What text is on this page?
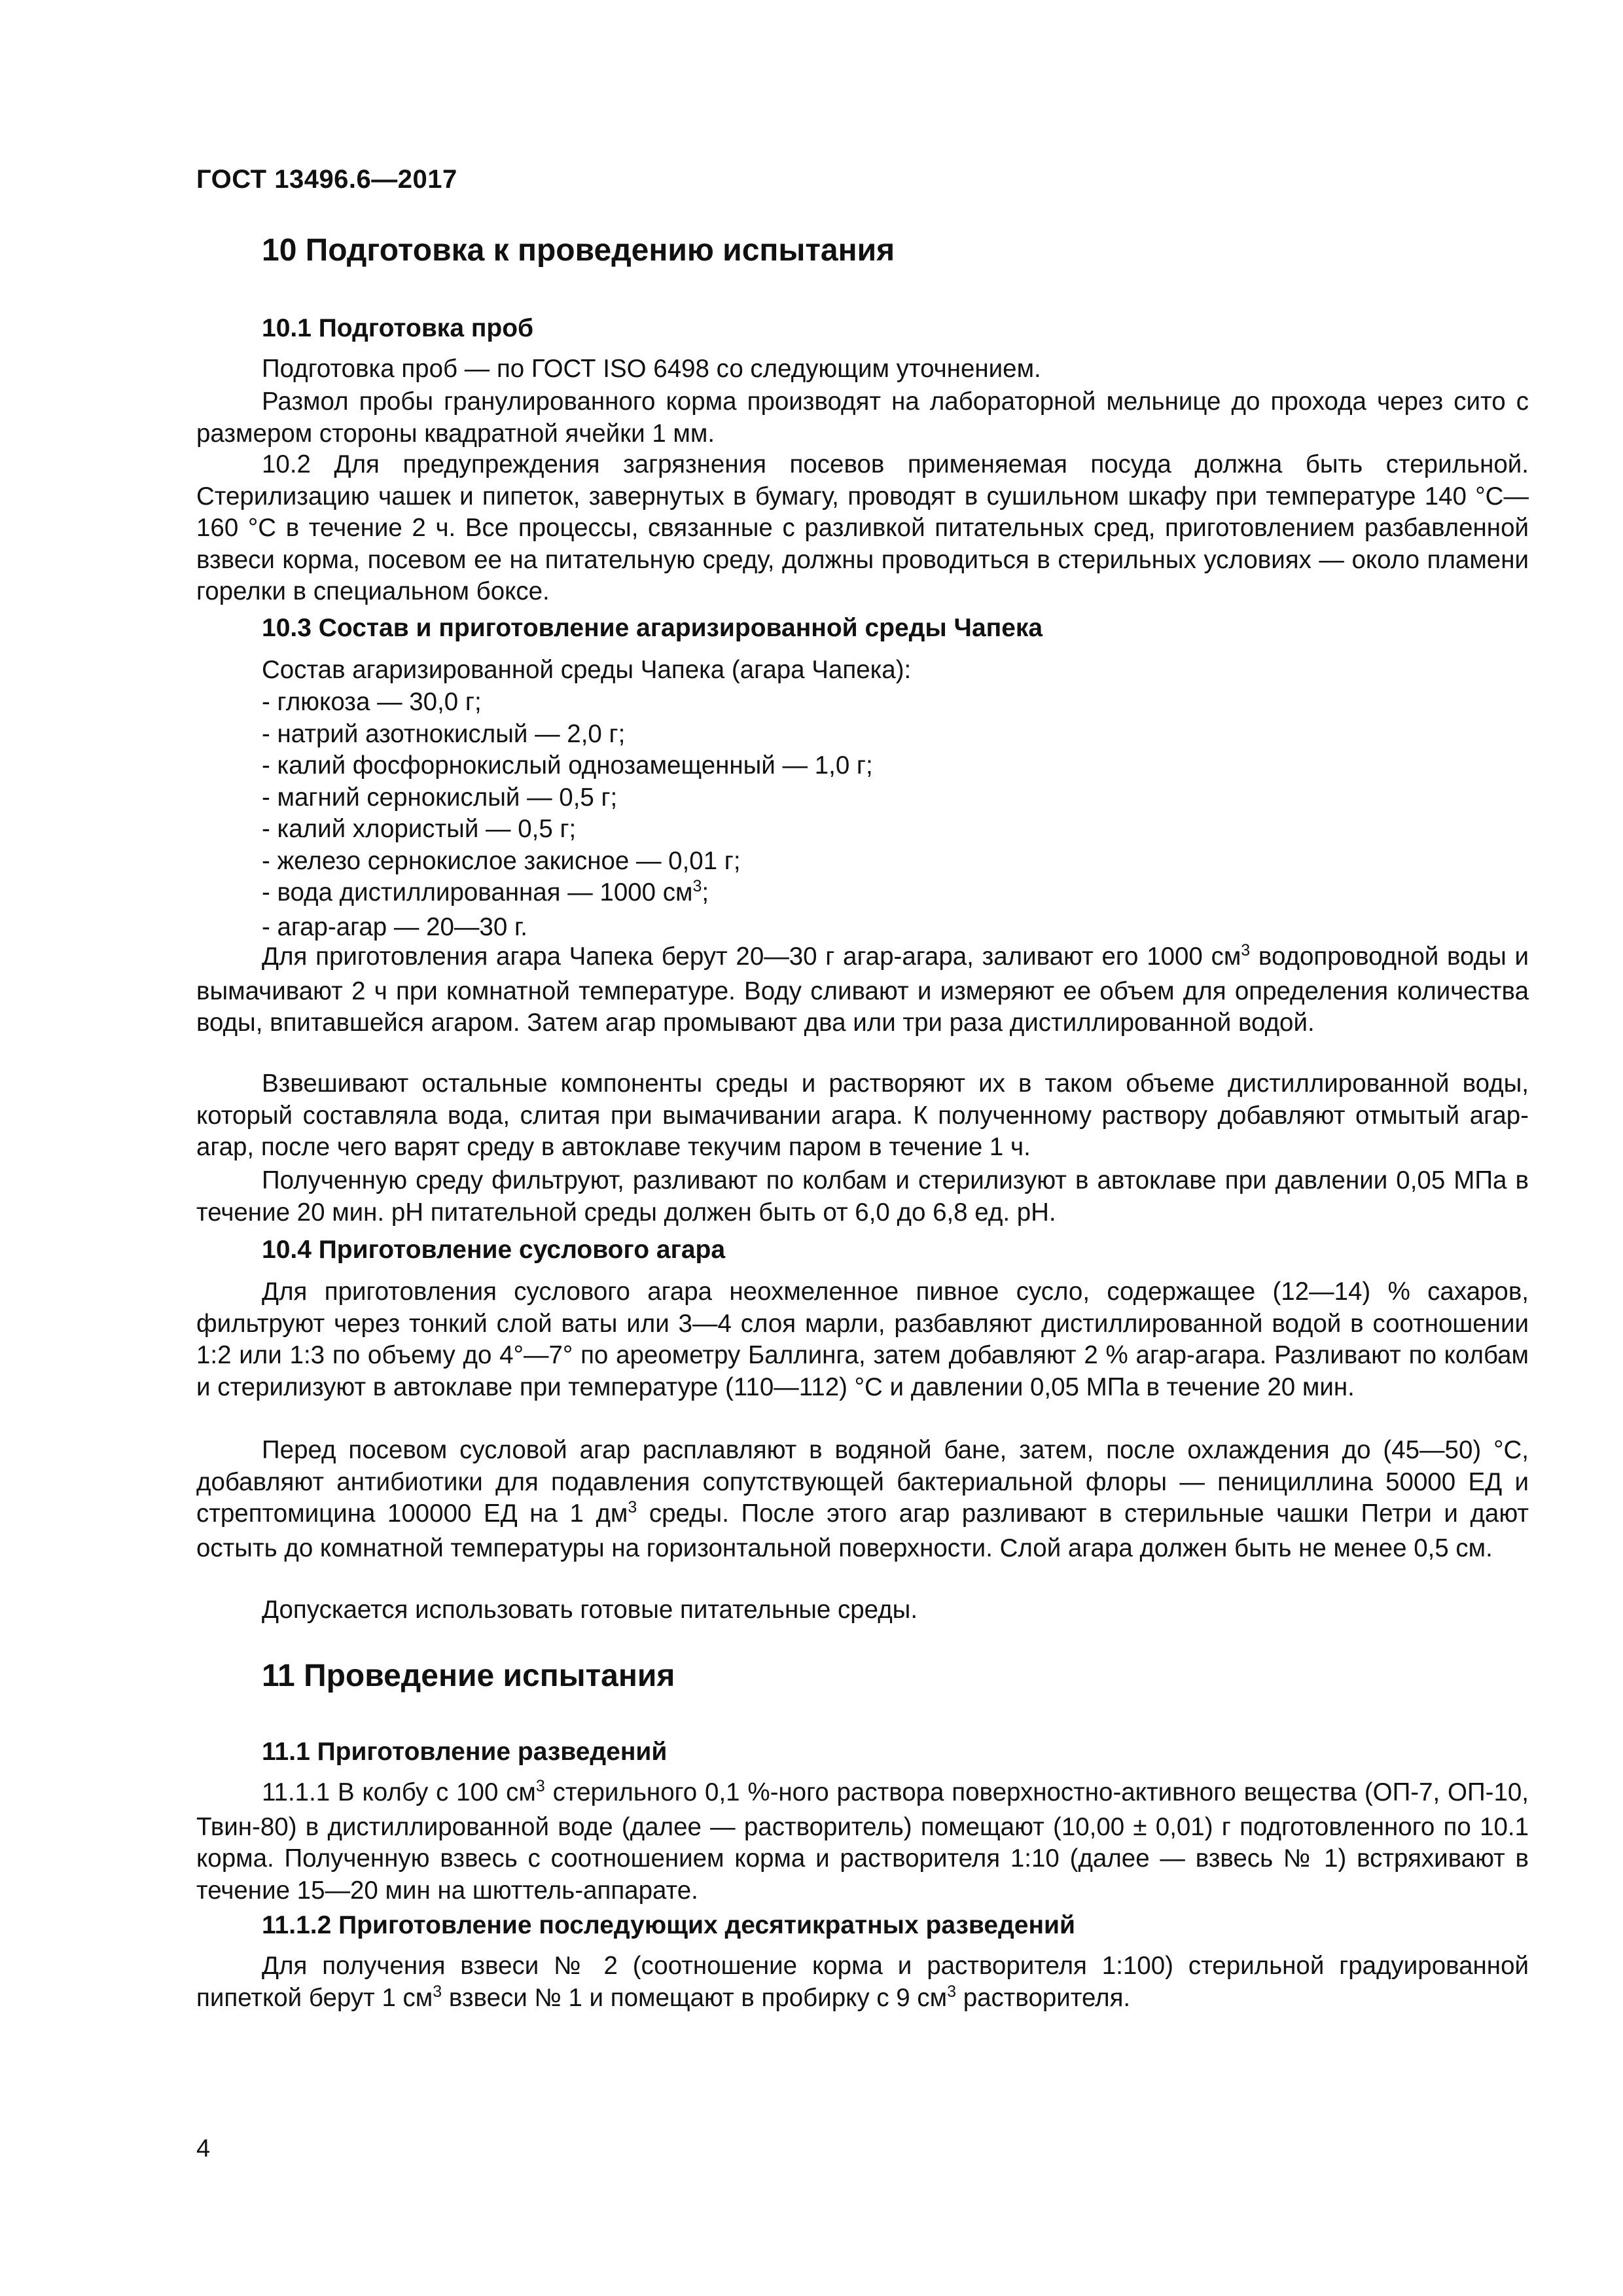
ГОСТ 13496.6—2017
10 Подготовка к проведению испытания
10.1 Подготовка проб

Подготовка проб — по ГОСТ ISO 6498 со следующим уточнением.

Размол пробы гранулированного корма производят на лабораторной мельнице до прохода через сито с размером стороны квадратной ячейки 1 мм.

10.2 Для предупреждения загрязнения посевов применяемая посуда должна быть стерильной. Стерилизацию чашек и пипеток, завернутых в бумагу, проводят в сушильном шкафу при температуре 140 °С—160 °С в течение 2 ч. Все процессы, связанные с разливкой питательных сред, приготовлением разбавленной взвеси корма, посевом ее на питательную среду, должны проводиться в стерильных условиях — около пламени горелки в специальном боксе.

10.3 Состав и приготовление агаризированной среды Чапека

Состав агаризированной среды Чапека (агара Чапека):

- глюкоза — 30,0 г;
- натрий азотнокислый — 2,0 г;
- калий фосфорнокислый однозамещенный — 1,0 г;
- магний сернокислый — 0,5 г;
- калий хлористый — 0,5 г;
- железо сернокислое закисное — 0,01 г;
- вода дистиллированная — 1000 $см^3$;
- агар-агар — 20—30 г.

Для приготовления агара Чапека берут 20—30 г агар-агара, заливают его 1000 $см^3$ водопроводной воды и вымачивают 2 ч при комнатной температуре. Воду сливают и измеряют ее объем для определения количества воды, впитавшейся агаром. Затем агар промывают два или три раза дистиллированной водой.

Взвешивают остальные компоненты среды и растворяют их в таком объеме дистиллированной воды, который составляла вода, слитая при вымачивании агара. К полученному раствору добавляют отмытый агар-агар, после чего варят среду в автоклаве текучим паром в течение 1 ч.

Полученную среду фильтруют, разливают по колбам и стерилизуют в автоклаве при давлении 0,05 МПа в течение 20 мин. рН питательной среды должен быть от 6,0 до 6,8 ед. рН.

10.4 Приготовление суслового агара

Для приготовления суслового агара неохмеленное пивное сусло, содержащее (12—14) % сахаров, фильтруют через тонкий слой ваты или 3—4 слоя марли, разбавляют дистиллированной водой в соотношении 1:2 или 1:3 по объему до 4°—7° по ареометру Баллинга, затем добавляют 2 % агар-агара. Разливают по колбам и стерилизуют в автоклаве при температуре (110—112) °С и давлении 0,05 МПа в течение 20 мин.

Перед посевом сусловой агар расплавляют в водяной бане, затем, после охлаждения до (45—50) °С, добавляют антибиотики для подавления сопутствующей бактериальной флоры — пенициллина 50000 ЕД и стрептомицина 100000 ЕД на 1 $дм^3$ среды. После этого агар разливают в стерильные чашки Петри и дают остыть до комнатной температуры на горизонтальной поверхности. Слой агара должен быть не менее 0,5 см.

Допускается использовать готовые питательные среды.

11 Проведение испытания
11.1 Приготовление разведений

11.1.1 В колбу с 100 $см^3$ стерильного 0,1 %-ного раствора поверхностно-активного вещества (ОП-7, ОП-10, Твин-80) в дистиллированной воде (далее — растворитель) помещают (10,00 ± 0,01) г подготовленного по 10.1 корма. Полученную взвесь с соотношением корма и растворителя 1:10 (далее — взвесь № 1) встряхивают в течение 15—20 мин на шюттель-аппарате.

11.1.2 Приготовление последующих десятикратных разведений

Для получения взвеси № 2 (соотношение корма и растворителя 1:100) стерильной градуированной пипеткой берут 1 $см^3$ взвеси № 1 и помещают в пробирку с 9 $см^3$ растворителя.

4
